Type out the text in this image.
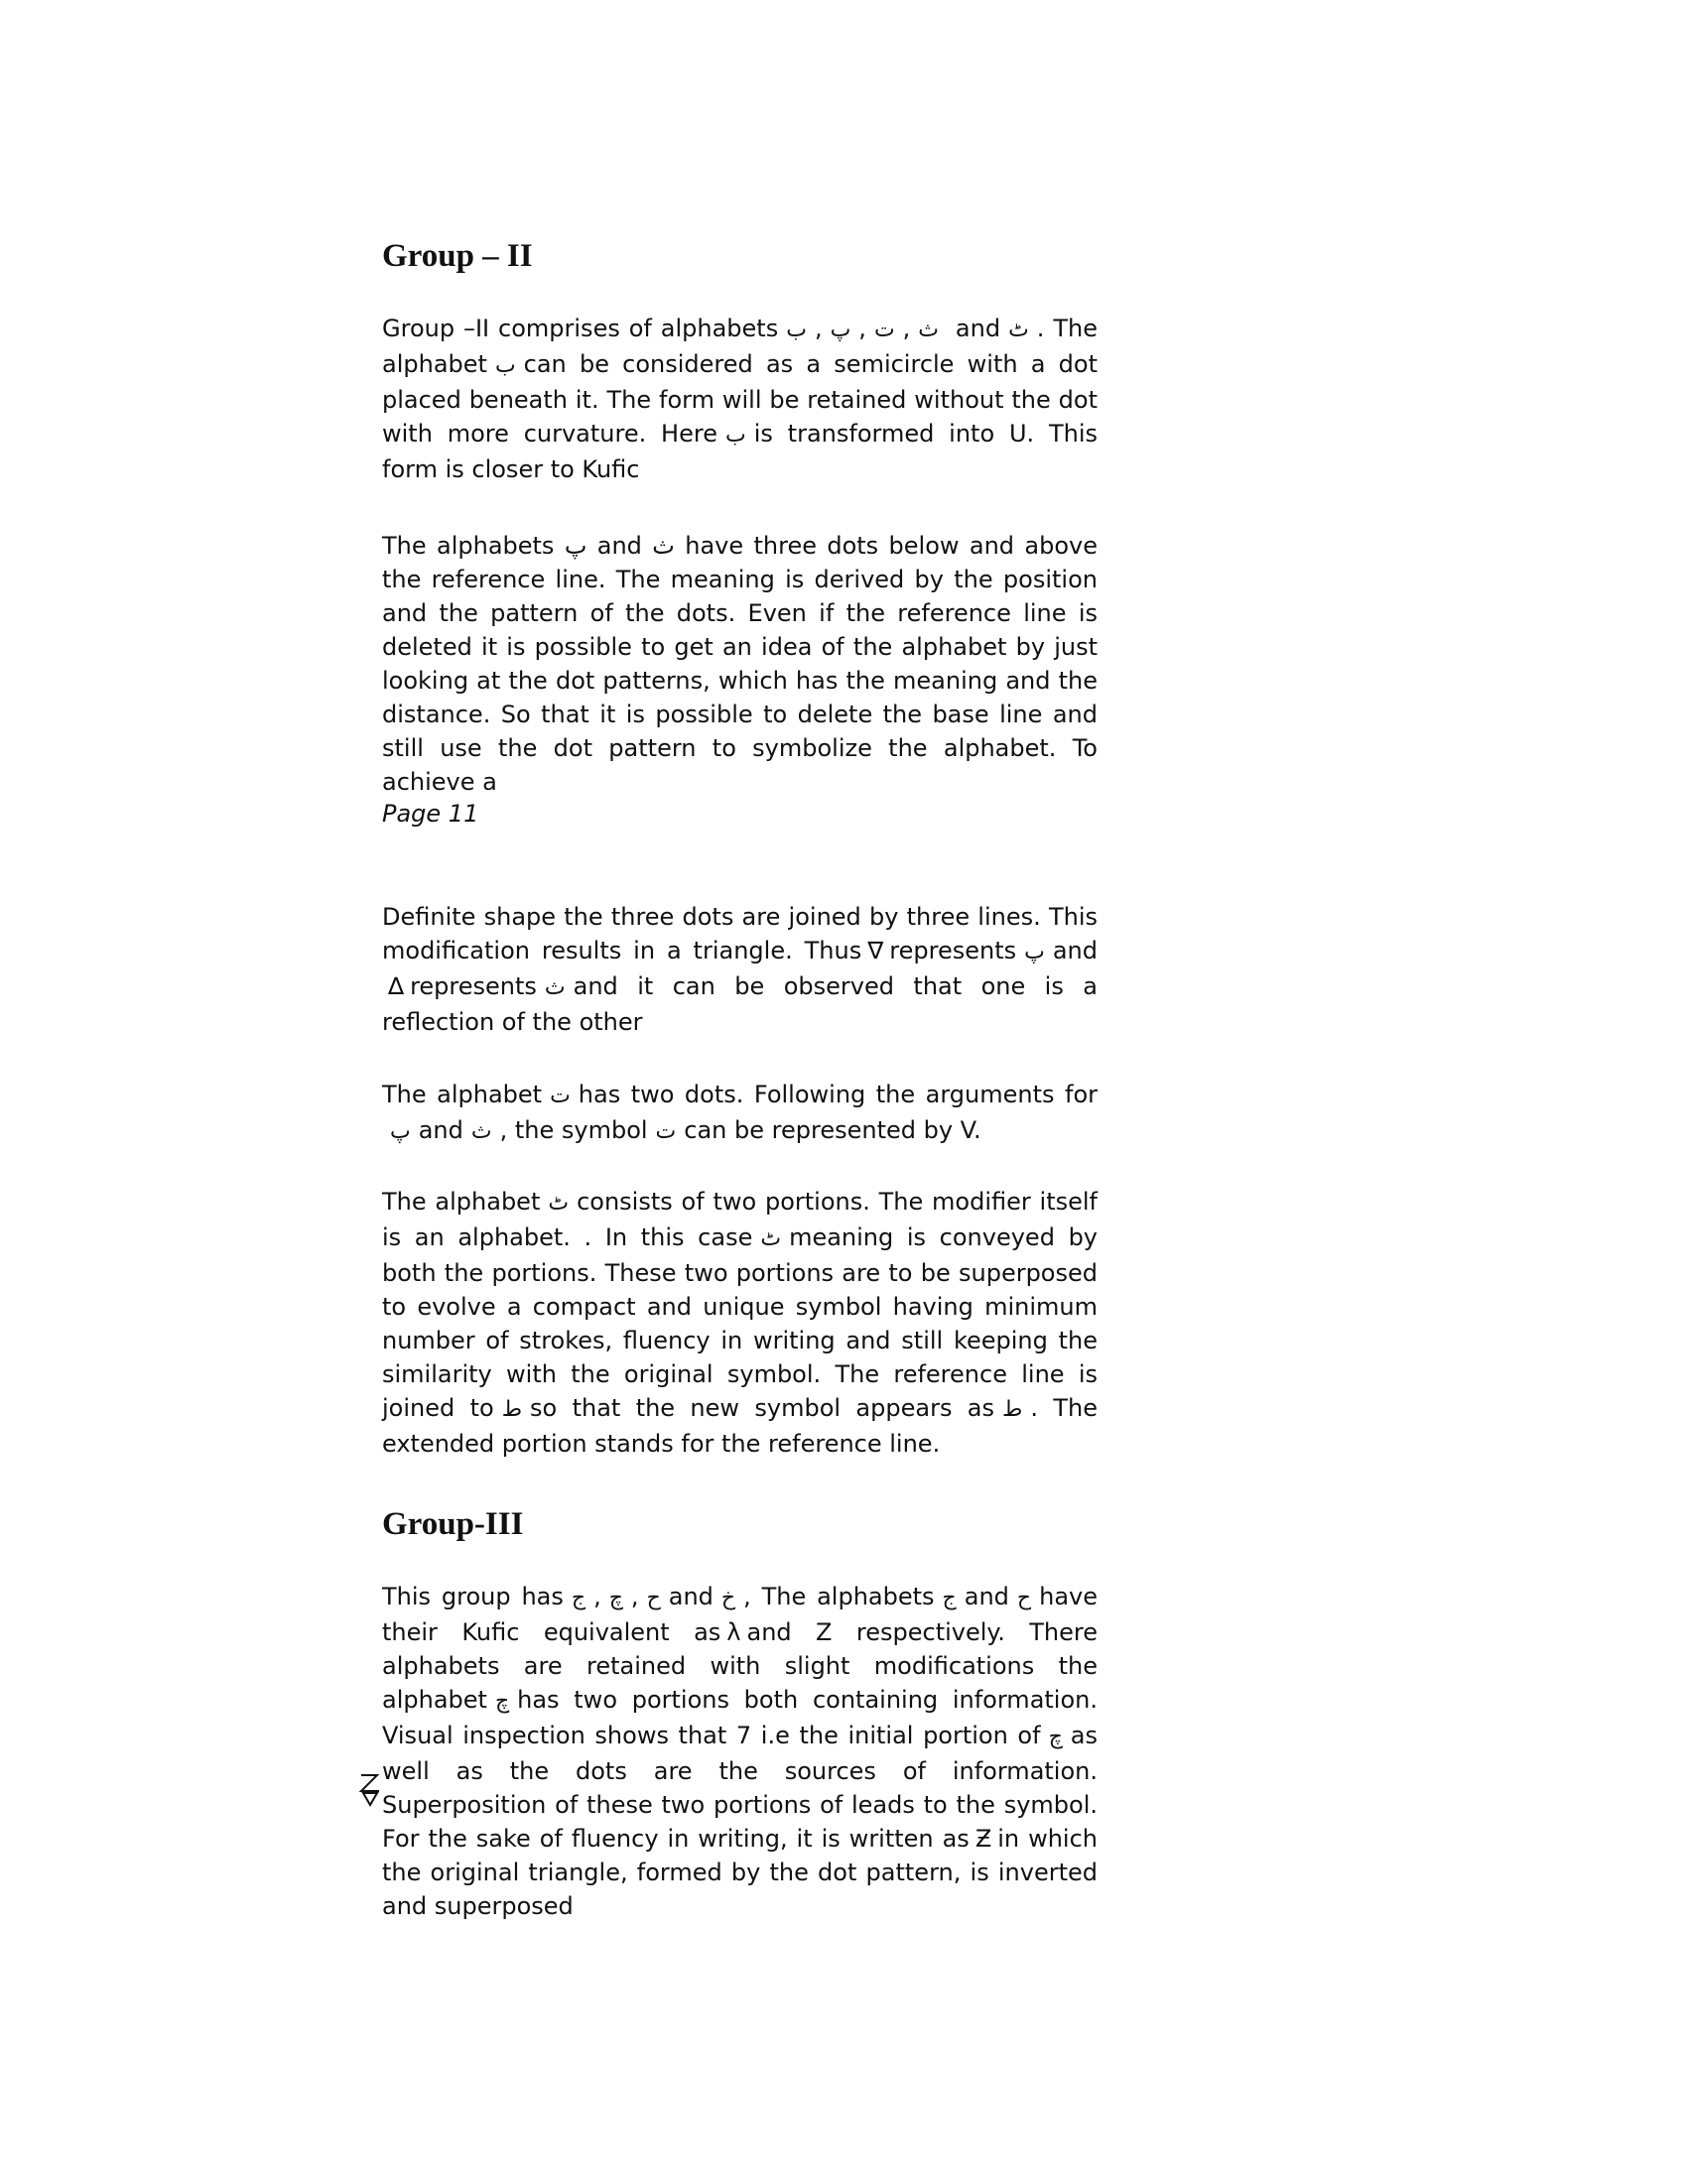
Group – II

Group –II comprises of alphabets ب , پ , ت , ث and ٹ . The alphabet ب can be considered as a semicircle with a dot placed beneath it. The form will be retained without the dot with more curvature. Here ب is transformed into U. This form is closer to Kufic

The alphabets پ and ث have three dots below and above the reference line. The meaning is derived by the position and the pattern of the dots. Even if the reference line is deleted it is possible to get an idea of the alphabet by just looking at the dot patterns, which has the meaning and the distance. So that it is possible to delete the base line and still use the dot pattern to symbolize the alphabet. To achieve a

Page 11

Definite shape the three dots are joined by three lines. This modification results in a triangle. Thus ∇ represents پ and∆ represents ث and it can be observed that one is a reflection of the other

The alphabet ت has two dots. Following the arguments forپ and ث , the symbol ت can be represented by V.

The alphabet ٹ consists of two portions. The modifier itself is an alphabet. . In this case ٹ meaning is conveyed by both the portions. These two portions are to be superposed to evolve a compact and unique symbol having minimum number of strokes, fluency in writing and still keeping the similarity with the original symbol. The reference line is joined to ط so that the new symbol appears as ط . The extended portion stands for the reference line.

Group-III

This group has ج , چ , ح and خ , The alphabets ج and ح have their Kufic equivalent as λ and Z respectively. There alphabets are retained with slight modifications the alphabet چ has two portions both containing information. Visual inspection shows that 7 i.e the initial portion of چ as well as the dots are the sources of information. Superposition of these two portions of leads to the symbol. For the sake of fluency in writing, it is written as Ƶ in which the original triangle, formed by the dot pattern, is inverted and superposed
